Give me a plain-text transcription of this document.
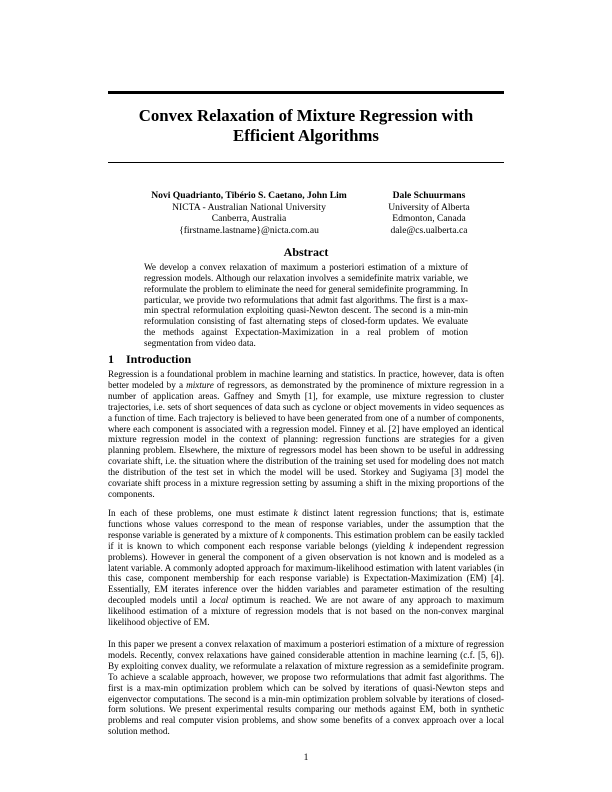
Convex Relaxation of Mixture Regression with
Efficient Algorithms
Novi Quadrianto, Tibério S. Caetano, John Lim
NICTA - Australian National University
Canberra, Australia
{firstname.lastname}@nicta.com.au
Dale Schuurmans
University of Alberta
Edmonton, Canada
dale@cs.ualberta.ca
Abstract
We develop a convex relaxation of maximum a posteriori estimation of a mixture of regression models. Although our relaxation involves a semidefinite matrix variable, we reformulate the problem to eliminate the need for general semidefinite programming. In particular, we provide two reformulations that admit fast algorithms. The first is a max-min spectral reformulation exploiting quasi-Newton descent. The second is a min-min reformulation consisting of fast alternating steps of closed-form updates. We evaluate the methods against Expectation-Maximization in a real problem of motion segmentation from video data.
1 Introduction
Regression is a foundational problem in machine learning and statistics. In practice, however, data is often better modeled by a mixture of regressors, as demonstrated by the prominence of mixture regression in a number of application areas. Gaffney and Smyth [1], for example, use mixture regression to cluster trajectories, i.e. sets of short sequences of data such as cyclone or object movements in video sequences as a function of time. Each trajectory is believed to have been generated from one of a number of components, where each component is associated with a regression model. Finney et al. [2] have employed an identical mixture regression model in the context of planning: regression functions are strategies for a given planning problem. Elsewhere, the mixture of regressors model has been shown to be useful in addressing covariate shift, i.e. the situation where the distribution of the training set used for modeling does not match the distribution of the test set in which the model will be used. Storkey and Sugiyama [3] model the covariate shift process in a mixture regression setting by assuming a shift in the mixing proportions of the components.
In each of these problems, one must estimate k distinct latent regression functions; that is, estimate functions whose values correspond to the mean of response variables, under the assumption that the response variable is generated by a mixture of k components. This estimation problem can be easily tackled if it is known to which component each response variable belongs (yielding k independent regression problems). However in general the component of a given observation is not known and is modeled as a latent variable. A commonly adopted approach for maximum-likelihood estimation with latent variables (in this case, component membership for each response variable) is Expectation-Maximization (EM) [4]. Essentially, EM iterates inference over the hidden variables and parameter estimation of the resulting decoupled models until a local optimum is reached. We are not aware of any approach to maximum likelihood estimation of a mixture of regression models that is not based on the non-convex marginal likelihood objective of EM.
In this paper we present a convex relaxation of maximum a posteriori estimation of a mixture of regression models. Recently, convex relaxations have gained considerable attention in machine learning (c.f. [5, 6]). By exploiting convex duality, we reformulate a relaxation of mixture regression as a semidefinite program. To achieve a scalable approach, however, we propose two reformulations that admit fast algorithms. The first is a max-min optimization problem which can be solved by iterations of quasi-Newton steps and eigenvector computations. The second is a min-min optimization problem solvable by iterations of closed-form solutions. We present experimental results comparing our methods against EM, both in synthetic problems and real computer vision problems, and show some benefits of a convex approach over a local solution method.
1
